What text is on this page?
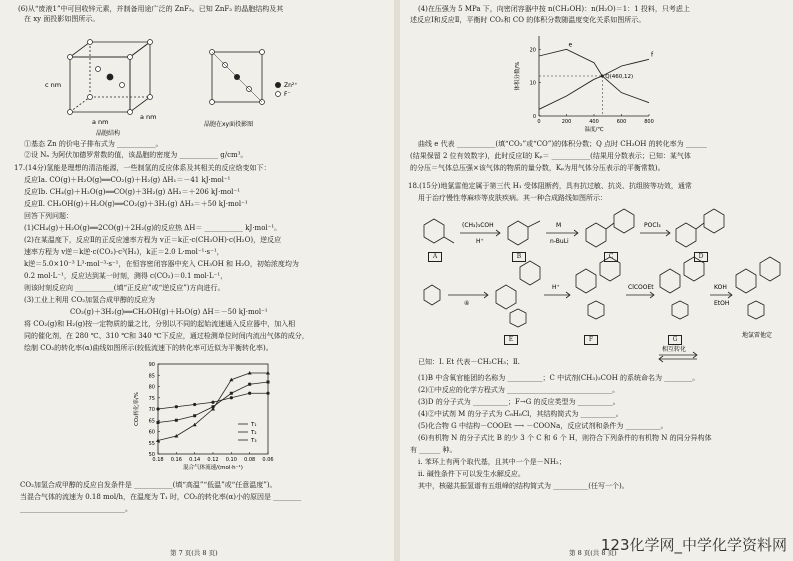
(6)从“废液1”中可回收锌元素，并制备用途广泛的 ZnF₂。已知 ZnF₂ 的晶胞结构及其
在 xy 面投影如图所示。
c nm
a nm
a nm
晶胞结构
Zn²⁺
F⁻
晶胞在xy面投影图
①基态 Zn 的价电子排布式为 ___________。
②设 Nₐ 为阿伏加德罗常数的值，该晶胞的密度为 ___________ g/cm³。
17.(14分)氢能是理想的清洁能源，一些制氢的反应体系及其相关的反应焓变如下：
反应Ⅰa. CO(g)＋H₂O(g)══CO₂(g)＋H₂(g) ΔH₁＝－41 kJ·mol⁻¹
反应Ⅰb. CH₄(g)＋H₂O(g)══CO(g)＋3H₂(g) ΔH₂＝＋206 kJ·mol⁻¹
反应Ⅱ. CH₃OH(g)＋H₂O(g)══CO₂(g)＋3H₂(g) ΔH₃＝＋50 kJ·mol⁻¹
回答下列问题：
(1)CH₄(g)＋H₂O(g)══2CO(g)＋2H₂(g)的反应热 ΔH＝ ___________ kJ·mol⁻¹。
(2)在某温度下，反应Ⅱ的正反应速率方程为 v正＝k正·c(CH₃OH)·c(H₂O)，逆反应
速率方程为 v逆＝k逆·c(CO₂)·c³(H₂)，k正＝2.0 L·mol⁻¹·s⁻¹，
k逆＝5.0×10⁻³ L³·mol⁻³·s⁻¹，在恒容密闭容器中充入 CH₃OH 和 H₂O，初始浓度均为
0.2 mol·L⁻¹，反应达到某一时刻，测得 c(CO₂)＝0.1 mol·L⁻¹，
则该时刻反应向 ___________(填“正反应”或“逆反应”)方向进行。
(3)工业上利用 CO₂加氢合成甲醇的反应为
CO₂(g)＋3H₂(g)══CH₃OH(g)＋H₂O(g) ΔH＝－50 kJ·mol⁻¹
将 CO₂(g)和 H₂(g)按一定物质的量之比，分别以不同的起始流速通入反应器中，加入相
同的催化剂，在 280 ℃、310 ℃和 340 ℃下反应，通过检测单位时间内流出气体的成分，
绘制 CO₂的转化率(α)曲线如图所示(较低流速下的转化率可近似为平衡转化率)。
50
55
60
65
70
75
80
85
90
0.18 0.16 0.14 0.12 0.10 0.08 0.06
混合气体流速/(mol·h⁻¹)
CO₂转化率/%	T₁
T₂
T₃
CO₂加氢合成甲醇的反应自发条件是 ___________(填“高温”“低温”或“任意温度”)。
当混合气体的流速为 0.18 mol/h，在温度为 T₁ 时，CO₂的转化率(α)小的原因是 ________
______________________________。
第 7 页(共 8 页)
(4)在压强为 5 MPa 下，向密闭容器中按 n(CH₃OH)：n(H₂O)＝1：1 投料，只考虑上
述反应Ⅰ和反应Ⅱ，平衡时 CO₂和 CO 的体积分数随温度变化关系如图所示。
0
10
20
0	200	400	600	800
温度/℃
体积分数/%
e
f
Q(460,12)
曲线 e 代表 ___________(填“CO₂”或“CO”)的体积分数；Q 点时 CH₃OH 的转化率为 ______
(结果保留 2 位有效数字)，此时反应Ⅰ的 Kₚ＝ ___________(结果用分数表示；已知：某气体
的分压＝气体总压强×该气体的物质的量分数，Kₚ为用气体分压表示的平衡常数)。
18.(15分)地氯雷他定属于第三代 H₁ 受体阻断药，具有抗过敏、抗炎、抗组胺等功效，通常
用于治疗慢性荨麻疹等皮肤疾病。其一种合成路线如图所示：
(CH₃)₃COH
H⁺
M
n-BuLi
POCl₃
④
H⁺	ClCOOEt	KOH
EtOH
地氯雷他定
相互转化
A	B	C	D
E	F	G
已知：Ⅰ. Et 代表－CH₂CH₃；Ⅱ.
(1)B 中含氧官能团的名称为 __________；C 中试剂(CH₃)₃COH 的系统命名为 ________。
(2)①中反应的化学方程式为 ______________________________。
(3)D 的分子式为 __________；F→G 的反应类型为 __________。
(4)②中试剂 M 的分子式为 C₈H₈Cl，其结构简式为 __________。
(5)化合物 G 中结构－COOEt ⟶ －COONa，反应试剂和条件为 __________。
(6)有机物 N 的分子式比 B 的少 3 个 C 和 6 个 H，则符合下列条件的有机物 N 的同分异构体
有 ______ 种。
ⅰ. 苯环上有两个取代基，且其中一个是－NH₂；
ⅱ. 碱性条件下可以发生水解反应。
其中，核磁共振氢谱有五组峰的结构简式为 __________(任写一个)。
第 8 页(共 8 页)
123化学网_中学化学资料网
